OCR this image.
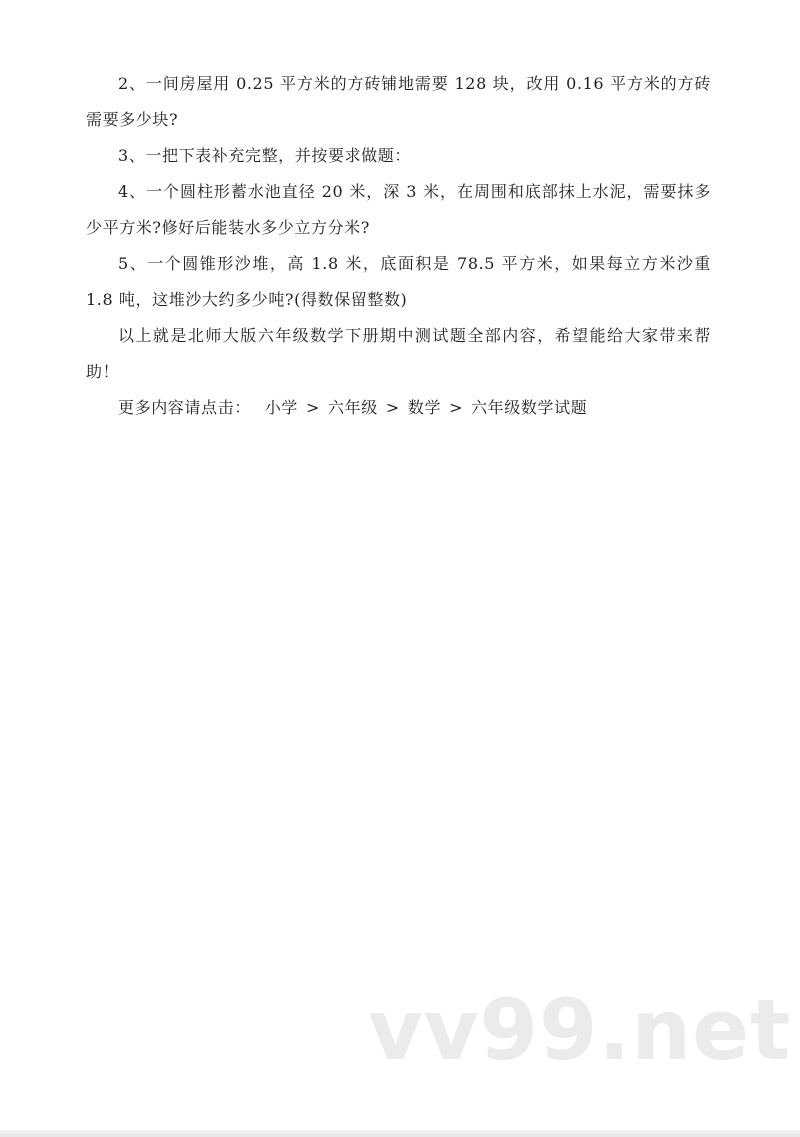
2、一间房屋用 0.25 平方米的方砖铺地需要 128 块，改用 0.16 平方米的方砖需要多少块?

3、一把下表补充完整，并按要求做题：

4、一个圆柱形蓄水池直径 20 米，深 3 米，在周围和底部抹上水泥，需要抹多少平方米?修好后能装水多少立方分米?

5、一个圆锥形沙堆，高 1.8 米，底面积是 78.5 平方米，如果每立方米沙重 1.8 吨，这堆沙大约多少吨?(得数保留整数)

以上就是北师大版六年级数学下册期中测试题全部内容，希望能给大家带来帮助！

更多内容请点击： 小学 > 六年级 > 数学 > 六年级数学试题

vv99.net
